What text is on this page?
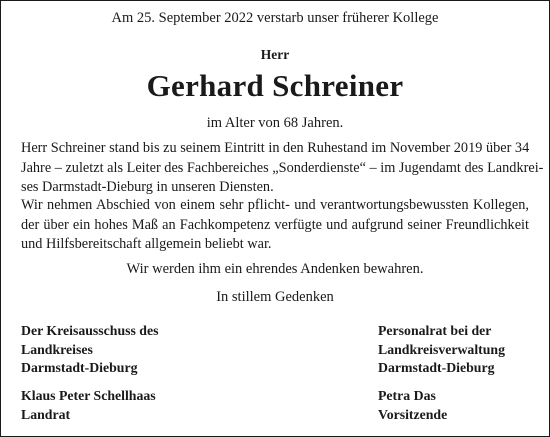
Am 25. September 2022 verstarb unser früherer Kollege
Herr
Gerhard Schreiner
im Alter von 68 Jahren.
Herr Schreiner stand bis zu seinem Eintritt in den Ruhestand im November 2019 über 34
Jahre – zuletzt als Leiter des Fachbereiches „Sonderdienste“ – im Jugendamt des Landkrei-
ses Darmstadt-Dieburg in unseren Diensten.
Wir nehmen Abschied von einem sehr pflicht- und verantwortungsbewussten Kollegen,
der über ein hohes Maß an Fachkompetenz verfügte und aufgrund seiner Freundlichkeit
und Hilfsbereitschaft allgemein beliebt war.
Wir werden ihm ein ehrendes Andenken bewahren.
In stillem Gedenken
Der Kreisausschuss des
Landkreises
Darmstadt-Dieburg
Personalrat bei der
Landkreisverwaltung
Darmstadt-Dieburg
Klaus Peter Schellhaas
Landrat
Petra Das
Vorsitzende
